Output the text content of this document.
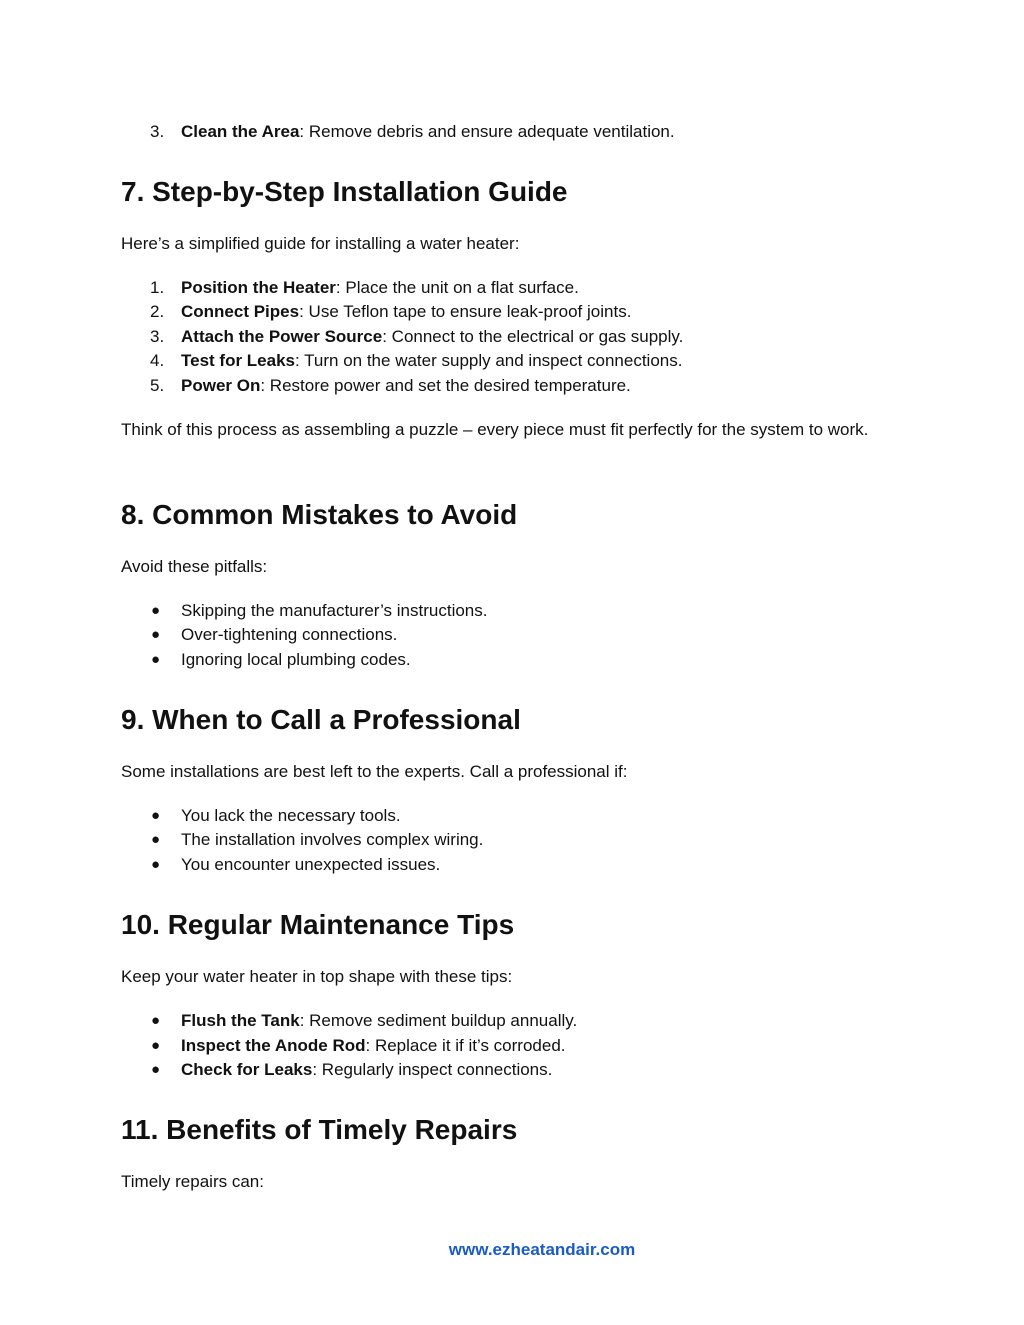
3. Clean the Area: Remove debris and ensure adequate ventilation.
7. Step-by-Step Installation Guide

Here’s a simplified guide for installing a water heater:

1. Position the Heater: Place the unit on a flat surface.
2. Connect Pipes: Use Teflon tape to ensure leak-proof joints.
3. Attach the Power Source: Connect to the electrical or gas supply.
4. Test for Leaks: Turn on the water supply and inspect connections.
5. Power On: Restore power and set the desired temperature.

Think of this process as assembling a puzzle – every piece must fit perfectly for the system to work.

8. Common Mistakes to Avoid

Avoid these pitfalls:

● Skipping the manufacturer’s instructions.
● Over-tightening connections.
● Ignoring local plumbing codes.
9. When to Call a Professional

Some installations are best left to the experts. Call a professional if:

● You lack the necessary tools.
● The installation involves complex wiring.
● You encounter unexpected issues.
10. Regular Maintenance Tips

Keep your water heater in top shape with these tips:

● Flush the Tank: Remove sediment buildup annually.
● Inspect the Anode Rod: Replace it if it’s corroded.
● Check for Leaks: Regularly inspect connections.
11. Benefits of Timely Repairs

Timely repairs can:

www.ezheatandair.com
